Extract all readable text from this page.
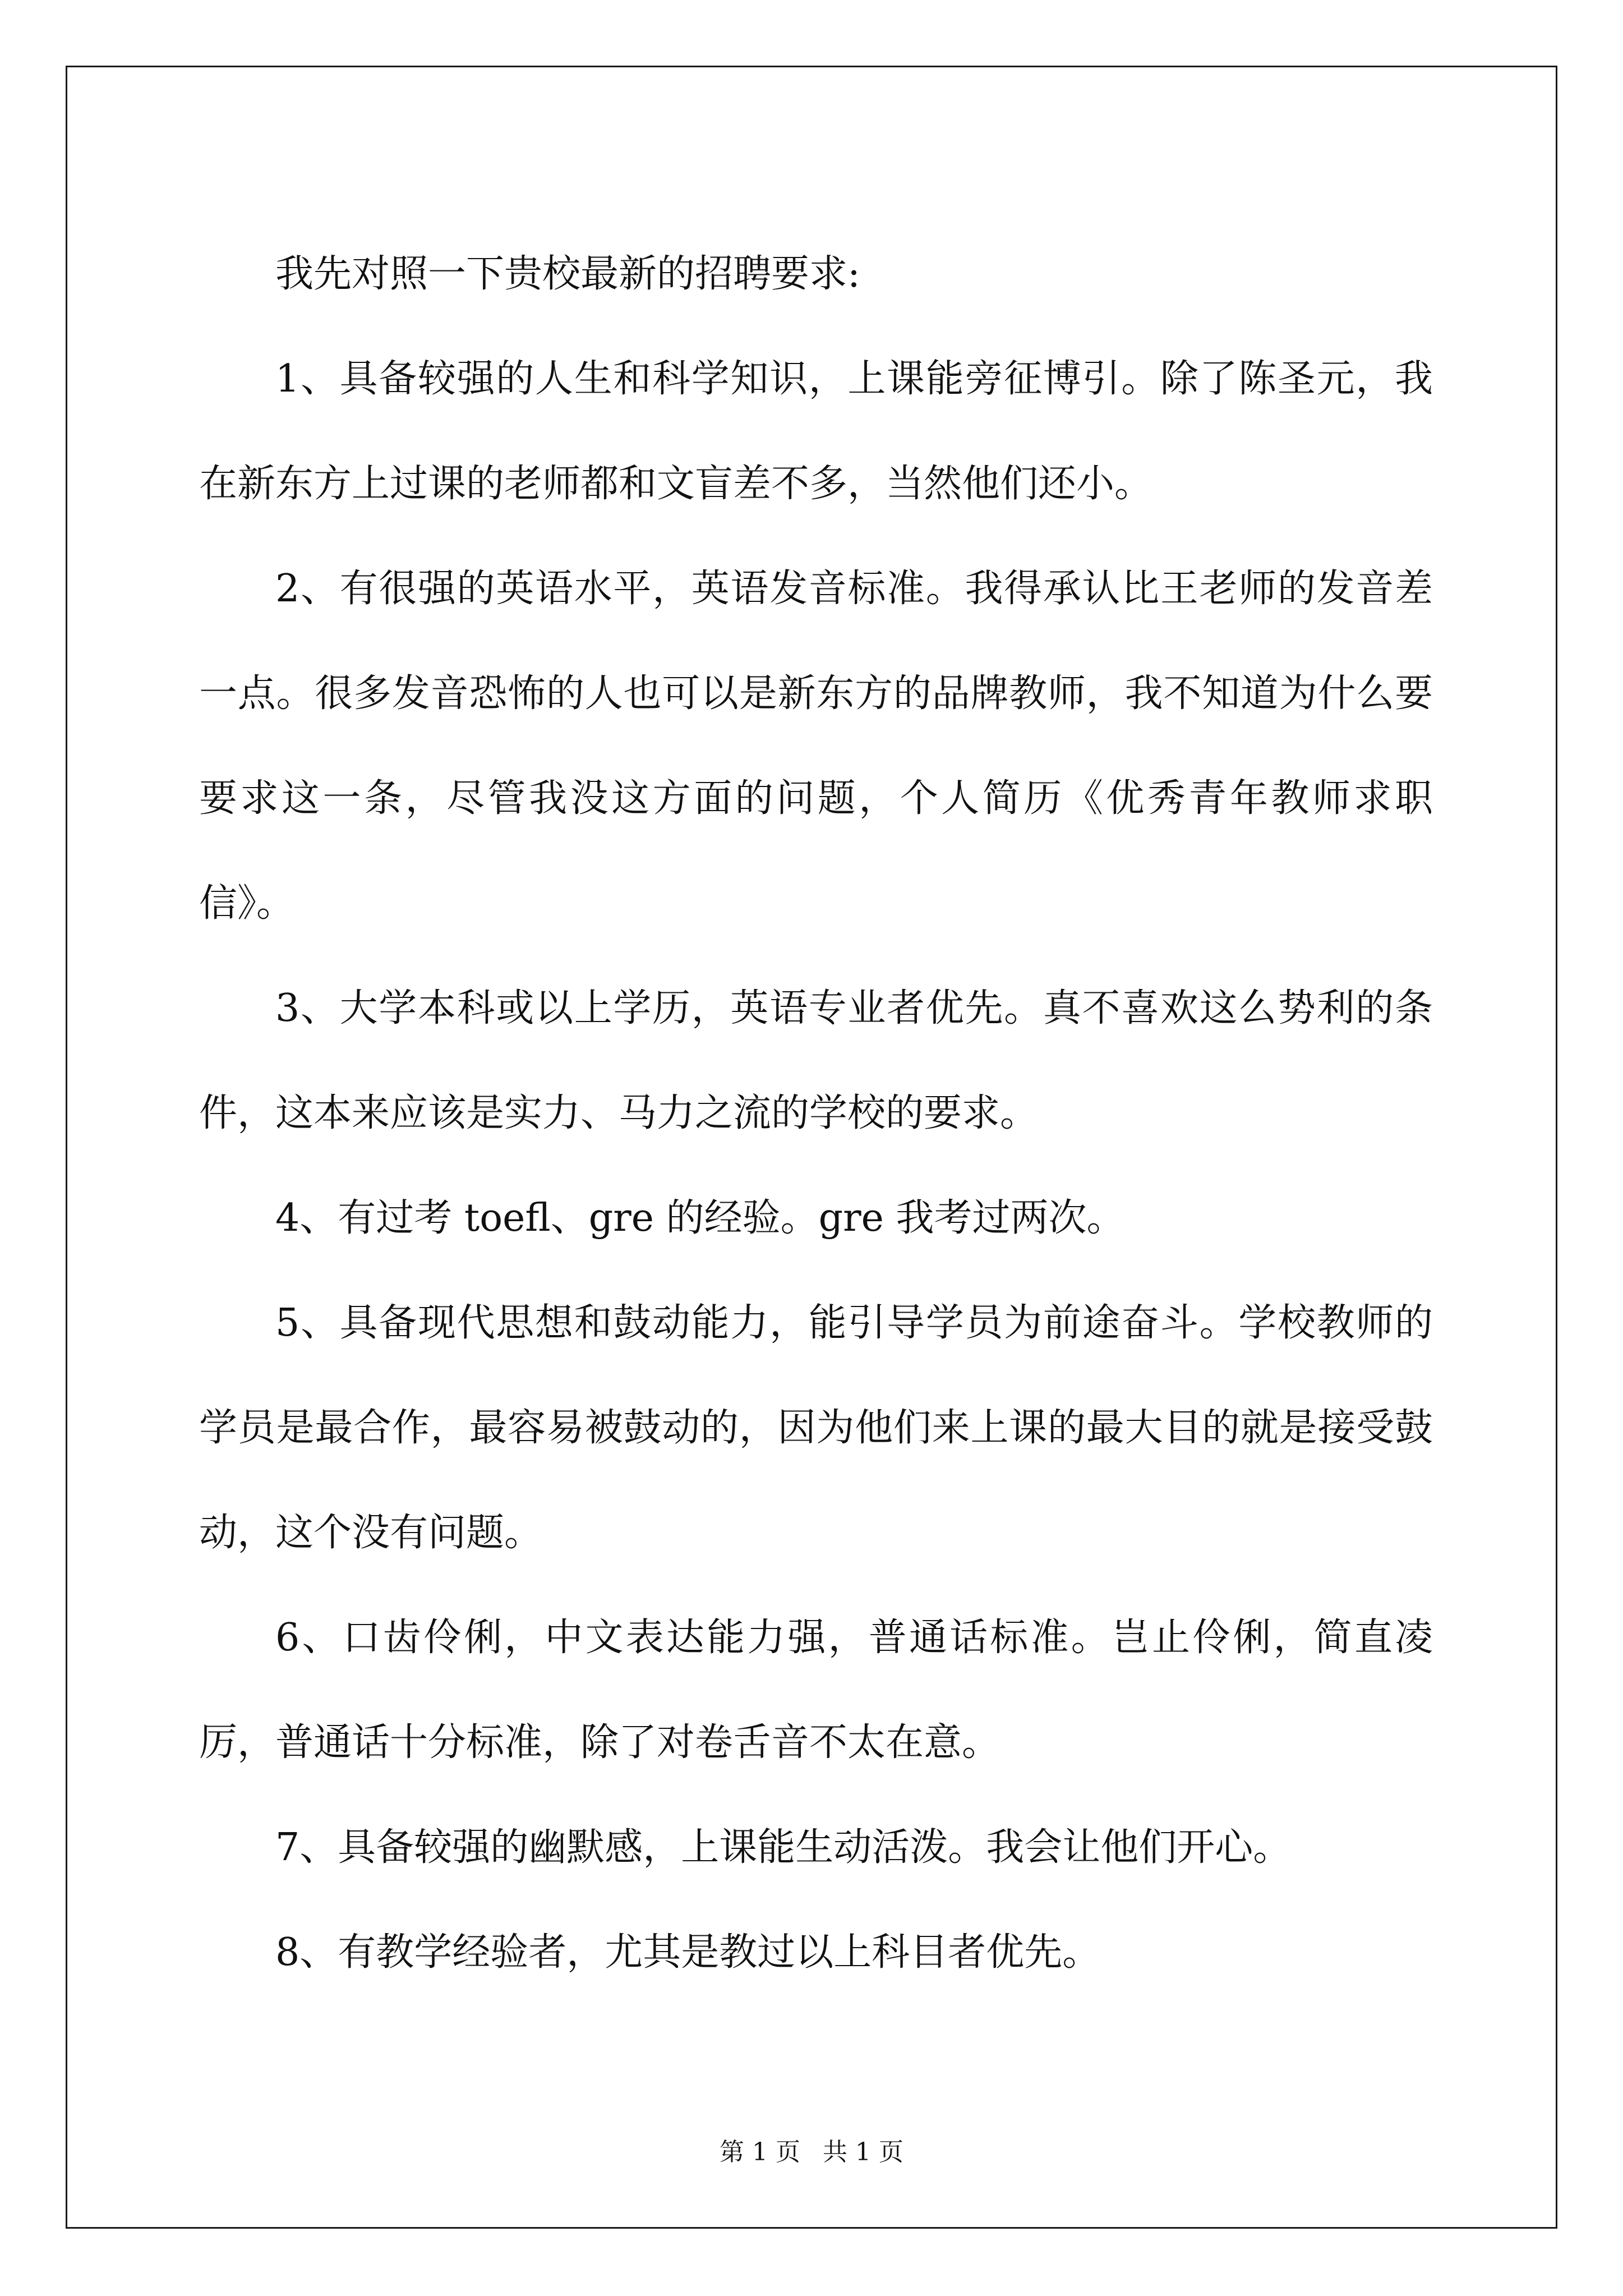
我先对照一下贵校最新的招聘要求:

1、具备较强的人生和科学知识，上课能旁征博引。除了陈圣元，我在新东方上过课的老师都和文盲差不多，当然他们还小。

2、有很强的英语水平，英语发音标准。我得承认比王老师的发音差一点。很多发音恐怖的人也可以是新东方的品牌教师，我不知道为什么要要求这一条，尽管我没这方面的问题，个人简历《优秀青年教师求职信》。

3、大学本科或以上学历，英语专业者优先。真不喜欢这么势利的条件，这本来应该是实力、马力之流的学校的要求。

4、有过考 toefl、gre 的经验。gre 我考过两次。

5、具备现代思想和鼓动能力，能引导学员为前途奋斗。学校教师的学员是最合作，最容易被鼓动的，因为他们来上课的最大目的就是接受鼓动，这个没有问题。

6、口齿伶俐，中文表达能力强，普通话标准。岂止伶俐，简直凌厉，普通话十分标准，除了对卷舌音不太在意。

7、具备较强的幽默感，上课能生动活泼。我会让他们开心。

8、有教学经验者，尤其是教过以上科目者优先。

第 1 页 共 1 页
